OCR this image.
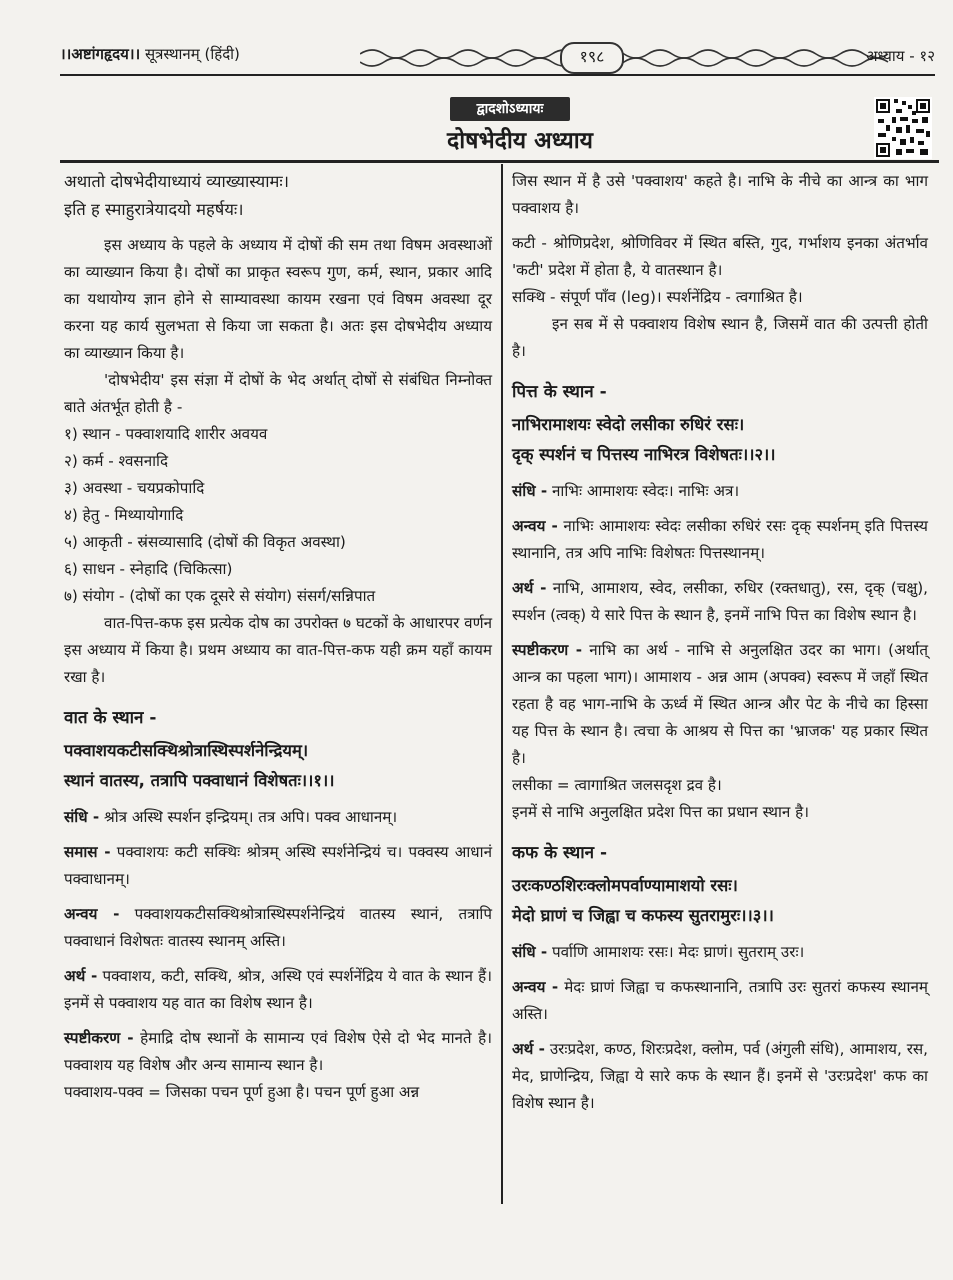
।।अष्टांगहृदय।। सूत्रस्थानम् (हिंदी)	१९८	अध्याय - १२
द्वादशोऽध्यायः
दोषभेदीय अध्याय

अथातो दोषभेदीयाध्यायं व्याख्यास्यामः।

इति ह स्माहुरात्रेयादयो महर्षयः।

इस अध्याय के पहले के अध्याय में दोषों की सम तथा विषम अवस्थाओं का व्याख्यान किया है। दोषों का प्राकृत स्वरूप गुण, कर्म, स्थान, प्रकार आदि का यथायोग्य ज्ञान होने से साम्यावस्था कायम रखना एवं विषम अवस्था दूर करना यह कार्य सुलभता से किया जा सकता है। अतः इस दोषभेदीय अध्याय का व्याख्यान किया है।

'दोषभेदीय' इस संज्ञा में दोषों के भेद अर्थात् दोषों से संबंधित निम्नोक्त बाते अंतर्भूत होती है -

१) स्थान - पक्वाशयादि शारीर अवयव

२) कर्म - श्वसनादि

३) अवस्था - चयप्रकोपादि

४) हेतु - मिथ्यायोगादि

५) आकृती - स्रंसव्यासादि (दोषों की विकृत अवस्था)

६) साधन - स्नेहादि (चिकित्सा)

७) संयोग - (दोषों का एक दूसरे से संयोग) संसर्ग/सन्निपात

वात-पित्त-कफ इस प्रत्येक दोष का उपरोक्त ७ घटकों के आधारपर वर्णन इस अध्याय में किया है। प्रथम अध्याय का वात-पित्त-कफ यही क्रम यहाँ कायम रखा है।

वात के स्थान -

पक्वाशयकटीसक्थिश्रोत्रास्थिस्पर्शनेन्द्रियम्।

स्थानं वातस्य, तत्रापि पक्वाधानं विशेषतः।।१।।

संधि - श्रोत्र अस्थि स्पर्शन इन्द्रियम्। तत्र अपि। पक्व आधानम्।

समास - पक्वाशयः कटी सक्थिः श्रोत्रम् अस्थि स्पर्शनेन्द्रियं च। पक्वस्य आधानं पक्वाधानम्।

अन्वय - पक्वाशयकटीसक्थिश्रोत्रास्थिस्पर्शनेन्द्रियं वातस्य स्थानं, तत्रापि पक्वाधानं विशेषतः वातस्य स्थानम् अस्ति।

अर्थ - पक्वाशय, कटी, सक्थि, श्रोत्र, अस्थि एवं स्पर्शनेंद्रिय ये वात के स्थान हैं। इनमें से पक्वाशय यह वात का विशेष स्थान है।

स्पष्टीकरण - हेमाद्रि दोष स्थानों के सामान्य एवं विशेष ऐसे दो भेद मानते है। पक्वाशय यह विशेष और अन्य सामान्य स्थान है।

पक्वाशय-पक्व = जिसका पचन पूर्ण हुआ है। पचन पूर्ण हुआ अन्न

जिस स्थान में है उसे 'पक्वाशय' कहते है। नाभि के नीचे का आन्त्र का भाग पक्वाशय है।

कटी - श्रोणिप्रदेश, श्रोणिविवर में स्थित बस्ति, गुद, गर्भाशय इनका अंतर्भाव 'कटी' प्रदेश में होता है, ये वातस्थान है।

सक्थि - संपूर्ण पाँव (leg)। स्पर्शनेंद्रिय - त्वगाश्रित है।

इन सब में से पक्वाशय विशेष स्थान है, जिसमें वात की उत्पत्ती होती है।

पित्त के स्थान -

नाभिरामाशयः स्वेदो लसीका रुधिरं रसः।

दृक् स्पर्शनं च पित्तस्य नाभिरत्र विशेषतः।।२।।

संधि - नाभिः आमाशयः स्वेदः। नाभिः अत्र।

अन्वय - नाभिः आमाशयः स्वेदः लसीका रुधिरं रसः दृक् स्पर्शनम् इति पित्तस्य स्थानानि, तत्र अपि नाभिः विशेषतः पित्तस्थानम्।

अर्थ - नाभि, आमाशय, स्वेद, लसीका, रुधिर (रक्तधातु), रस, दृक् (चक्षु), स्पर्शन (त्वक्) ये सारे पित्त के स्थान है, इनमें नाभि पित्त का विशेष स्थान है।

स्पष्टीकरण - नाभि का अर्थ - नाभि से अनुलक्षित उदर का भाग। (अर्थात् आन्त्र का पहला भाग)। आमाशय - अन्न आम (अपक्व) स्वरूप में जहाँ स्थित रहता है वह भाग-नाभि के ऊर्ध्व में स्थित आन्त्र और पेट के नीचे का हिस्सा यह पित्त के स्थान है। त्वचा के आश्रय से पित्त का 'भ्राजक' यह प्रकार स्थित है।

लसीका = त्वागाश्रित जलसदृश द्रव है।

इनमें से नाभि अनुलक्षित प्रदेश पित्त का प्रधान स्थान है।

कफ के स्थान -

उरःकण्ठशिरःक्लोमपर्वाण्यामाशयो रसः।

मेदो घ्राणं च जिह्वा च कफस्य सुतरामुरः।।३।।

संधि - पर्वाणि आमाशयः रसः। मेदः घ्राणं। सुतराम् उरः।

अन्वय - मेदः घ्राणं जिह्वा च कफस्थानानि, तत्रापि उरः सुतरां कफस्य स्थानम् अस्ति।

अर्थ - उरःप्रदेश, कण्ठ, शिरःप्रदेश, क्लोम, पर्व (अंगुली संधि), आमाशय, रस, मेद, घ्राणेन्द्रिय, जिह्वा ये सारे कफ के स्थान हैं। इनमें से 'उरःप्रदेश' कफ का विशेष स्थान है।
